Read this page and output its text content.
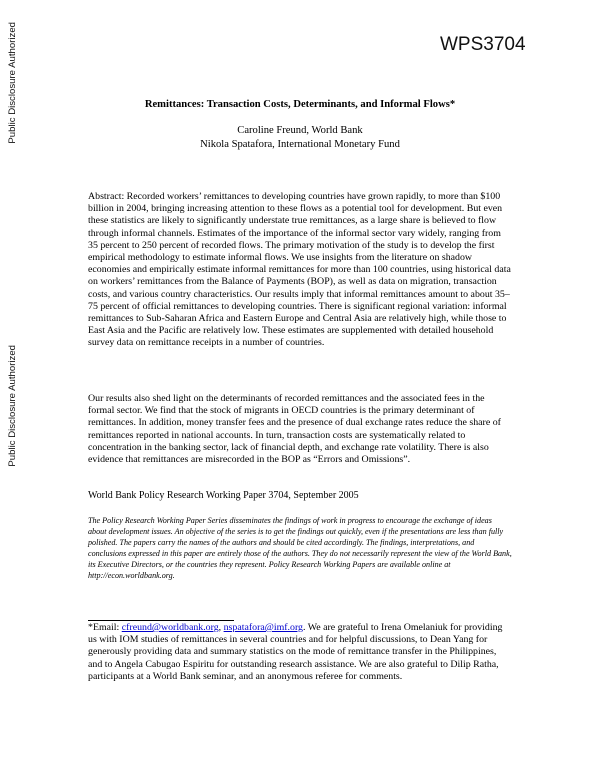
Public Disclosure Authorized
Public Disclosure Authorized
WPS3704
Remittances: Transaction Costs, Determinants, and Informal Flows*
Caroline Freund, World Bank
Nikola Spatafora, International Monetary Fund
Abstract: Recorded workers’ remittances to developing countries have grown rapidly, to more than $100 billion in 2004, bringing increasing attention to these flows as a potential tool for development. But even these statistics are likely to significantly understate true remittances, as a large share is believed to flow through informal channels. Estimates of the importance of the informal sector vary widely, ranging from 35 percent to 250 percent of recorded flows. The primary motivation of the study is to develop the first empirical methodology to estimate informal flows. We use insights from the literature on shadow economies and empirically estimate informal remittances for more than 100 countries, using historical data on workers’ remittances from the Balance of Payments (BOP), as well as data on migration, transaction costs, and various country characteristics. Our results imply that informal remittances amount to about 35–75 percent of official remittances to developing countries. There is significant regional variation: informal remittances to Sub-Saharan Africa and Eastern Europe and Central Asia are relatively high, while those to East Asia and the Pacific are relatively low. These estimates are supplemented with detailed household survey data on remittance receipts in a number of countries.
Our results also shed light on the determinants of recorded remittances and the associated fees in the formal sector. We find that the stock of migrants in OECD countries is the primary determinant of remittances. In addition, money transfer fees and the presence of dual exchange rates reduce the share of remittances reported in national accounts. In turn, transaction costs are systematically related to concentration in the banking sector, lack of financial depth, and exchange rate volatility. There is also evidence that remittances are misrecorded in the BOP as “Errors and Omissions”.
World Bank Policy Research Working Paper 3704, September 2005
The Policy Research Working Paper Series disseminates the findings of work in progress to encourage the exchange of ideas about development issues. An objective of the series is to get the findings out quickly, even if the presentations are less than fully polished. The papers carry the names of the authors and should be cited accordingly. The findings, interpretations, and conclusions expressed in this paper are entirely those of the authors. They do not necessarily represent the view of the World Bank, its Executive Directors, or the countries they represent. Policy Research Working Papers are available online at http://econ.worldbank.org.
*Email: cfreund@worldbank.org, nspatafora@imf.org. We are grateful to Irena Omelaniuk for providing us with IOM studies of remittances in several countries and for helpful discussions, to Dean Yang for generously providing data and summary statistics on the mode of remittance transfer in the Philippines, and to Angela Cabugao Espiritu for outstanding research assistance. We are also grateful to Dilip Ratha, participants at a World Bank seminar, and an anonymous referee for comments.
